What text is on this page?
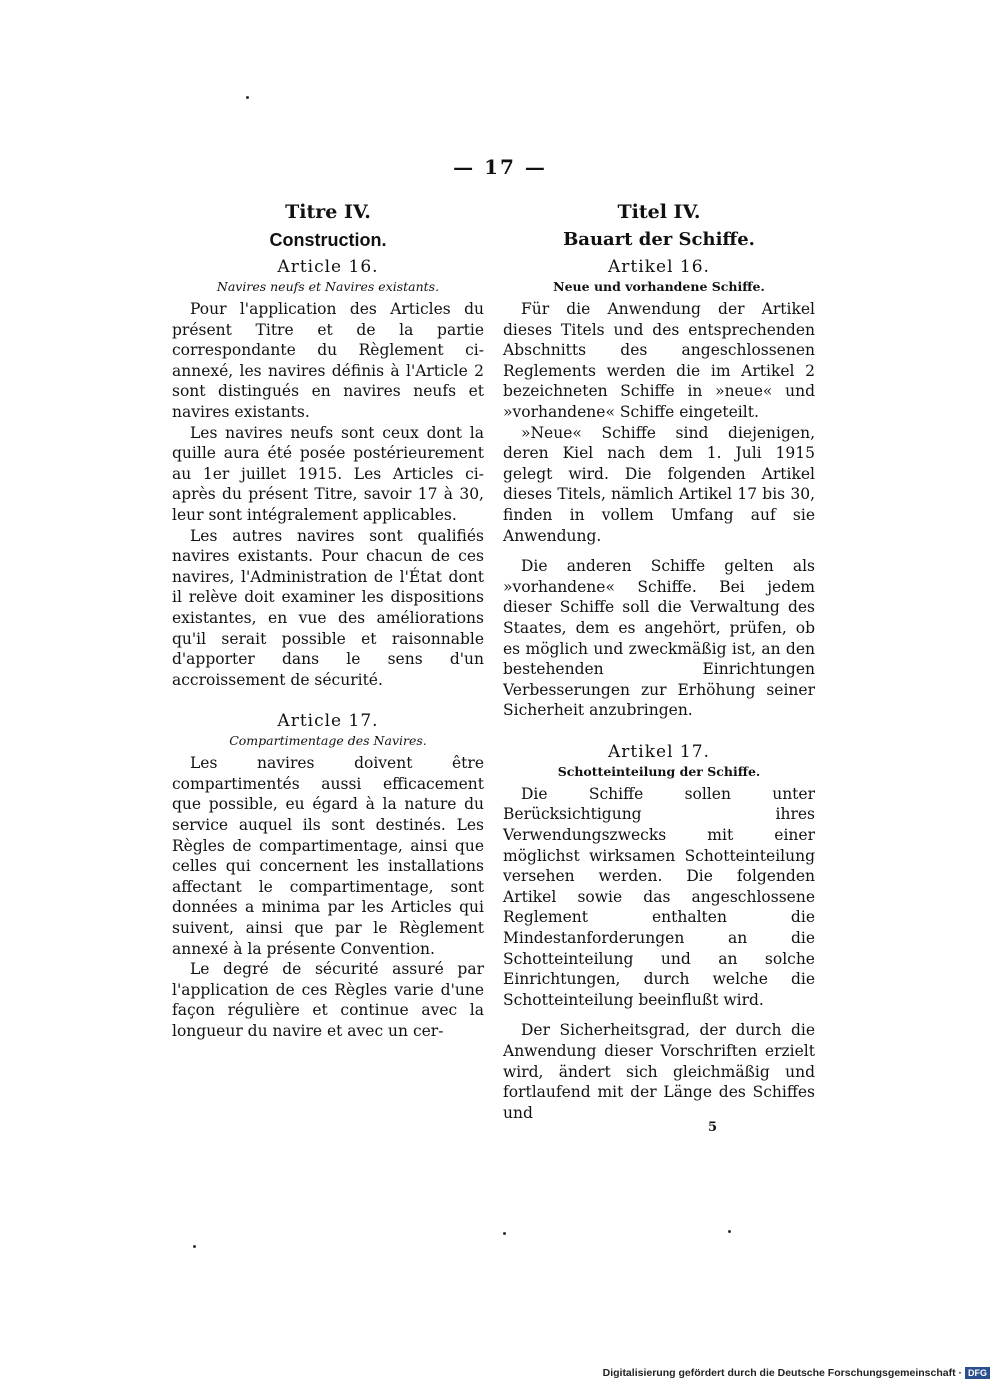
— 17 —
Titre IV.
Construction.
Article 16.
Navires neufs et Navires existants.

Pour l'application des Articles du présent Titre et de la partie correspondante du Règlement ci-annexé, les navires définis à l'Article 2 sont distingués en navires neufs et navires existants.

Les navires neufs sont ceux dont la quille aura été posée postérieurement au 1er juillet 1915. Les Articles ci-après du présent Titre, savoir 17 à 30, leur sont intégralement applicables.

Les autres navires sont qualifiés navires existants. Pour chacun de ces navires, l'Administration de l'État dont il relève doit examiner les dispositions existantes, en vue des améliorations qu'il serait possible et raisonnable d'apporter dans le sens d'un accroissement de sécurité.

Article 17.
Compartimentage des Navires.

Les navires doivent être compartimentés aussi efficacement que possible, eu égard à la nature du service auquel ils sont destinés. Les Règles de compartimentage, ainsi que celles qui concernent les installations affectant le compartimentage, sont données a minima par les Articles qui suivent, ainsi que par le Règlement annexé à la présente Convention.

Le degré de sécurité assuré par l'application de ces Règles varie d'une façon régulière et continue avec la longueur du navire et avec un cer-

Titel IV.
Bauart der Schiffe.
Artikel 16.
Neue und vorhandene Schiffe.

Für die Anwendung der Artikel dieses Titels und des entsprechenden Abschnitts des angeschlossenen Reglements werden die im Artikel 2 bezeichneten Schiffe in »neue« und »vorhandene« Schiffe eingeteilt.

»Neue« Schiffe sind diejenigen, deren Kiel nach dem 1. Juli 1915 gelegt wird. Die folgenden Artikel dieses Titels, nämlich Artikel 17 bis 30, finden in vollem Umfang auf sie Anwendung.

Die anderen Schiffe gelten als »vorhandene« Schiffe. Bei jedem dieser Schiffe soll die Verwaltung des Staates, dem es angehört, prüfen, ob es möglich und zweckmäßig ist, an den bestehenden Einrichtungen Verbesserungen zur Erhöhung seiner Sicherheit anzubringen.

Artikel 17.
Schotteinteilung der Schiffe.

Die Schiffe sollen unter Berücksichtigung ihres Verwendungszwecks mit einer möglichst wirksamen Schotteinteilung versehen werden. Die folgenden Artikel sowie das angeschlossene Reglement enthalten die Mindestanforderungen an die Schotteinteilung und an solche Einrichtungen, durch welche die Schotteinteilung beeinflußt wird.

Der Sicherheitsgrad, der durch die Anwendung dieser Vorschriften erzielt wird, ändert sich gleichmäßig und fortlaufend mit der Länge des Schiffes und

5
Digitalisierung gefördert durch die Deutsche Forschungsgemeinschaft · DFG
